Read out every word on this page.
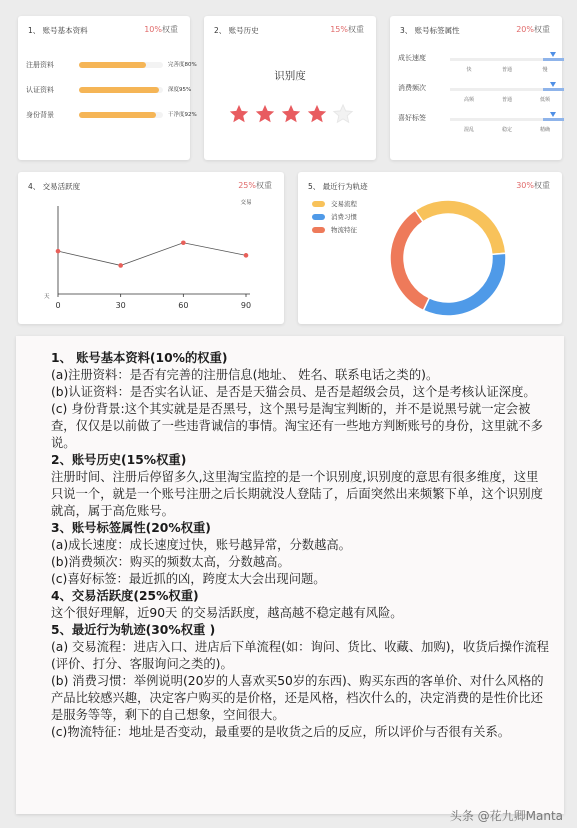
1、 账号基本资料	10%权重
注册资料	完善度80%
认证资料	深度95%
身份背景	干净度92%
2、 账号历史	15%权重
识别度
3、 账号标签属性	20%权重
成长速度
快	普通	慢
消费频次
高频	普通	低频
喜好标签
混乱	稳定	精确
4、 交易活跃度	25%权重
交易
天
0	30	60	90
5、 最近行为轨迹	30%权重
交易流程
消费习惯
物流特征

1、 账号基本资料(10%的权重)

(a)注册资料：是否有完善的注册信息(地址、 姓名、联系电话之类的)。

(b)认证资料：是否实名认证、是否是天猫会员、是否是超级会员，这个是考核认证深度。

(c) 身份背景:这个其实就是是否黑号，这个黑号是淘宝判断的，并不是说黑号就一定会被查，仅仅是以前做了一些违背诚信的事情。淘宝还有一些地方判断账号的身份，这里就不多说。

2、账号历史(15%权重)

注册时间、注册后停留多久,这里淘宝监控的是一个识别度,识别度的意思有很多维度，这里只说一个，就是一个账号注册之后长期就没人登陆了，后面突然出来频繁下单，这个识别度就高，属于高危账号。

3、账号标签属性(20%权重)

(a)成长速度：成长速度过快，账号越异常，分数越高。

(b)消费频次：购买的频数太高，分数越高。

(c)喜好标签：最近抓的凶，跨度太大会出现问题。

4、交易活跃度(25%权重)

这个很好理解，近90天 的交易活跃度，越高越不稳定越有风险。

5、最近行为轨迹(30%权重 )

(a) 交易流程：进店入口、进店后下单流程(如：询问、货比、收藏、加购)，收货后操作流程(评价、打分、客服询问之类的)。

(b) 消费习惯：举例说明(20岁的人喜欢买50岁的东西)、购买东西的客单价、对什么风格的产品比较感兴趣，决定客户购买的是价格，还是风格，档次什么的，决定消费的是性价比还是服务等等，剩下的自己想象，空间很大。

(c)物流特征：地址是否变动，最重要的是收货之后的反应，所以评价与否很有关系。

头条 @花九卿Manta
